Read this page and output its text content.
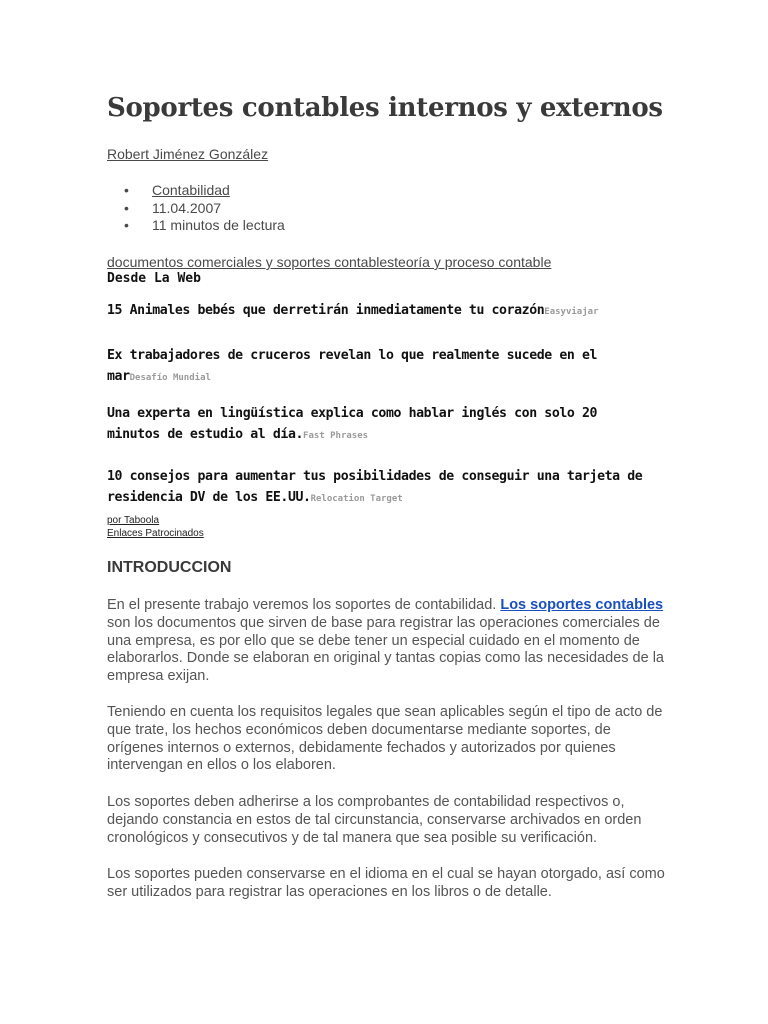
Soportes contables internos y externos
Robert Jiménez González
• Contabilidad
• 11.04.2007
• 11 minutos de lectura
documentos comerciales y soportes contablesteoría y proceso contable
Desde La Web
15 Animales bebés que derretirán inmediatamente tu corazónEasyviajar
Ex trabajadores de cruceros revelan lo que realmente sucede en el marDesafío Mundial
Una experta en lingüística explica como hablar inglés con solo 20 minutos de estudio al día.Fast Phrases
10 consejos para aumentar tus posibilidades de conseguir una tarjeta de residencia DV de los EE.UU.Relocation Target
por Taboola
Enlaces Patrocinados
INTRODUCCION

En el presente trabajo veremos los soportes de contabilidad. Los soportes contables son los documentos que sirven de base para registrar las operaciones comerciales de una empresa, es por ello que se debe tener un especial cuidado en el momento de elaborarlos. Donde se elaboran en original y tantas copias como las necesidades de la empresa exijan.

Teniendo en cuenta los requisitos legales que sean aplicables según el tipo de acto de que trate, los hechos económicos deben documentarse mediante soportes, de orígenes internos o externos, debidamente fechados y autorizados por quienes intervengan en ellos o los elaboren.

Los soportes deben adherirse a los comprobantes de contabilidad respectivos o, dejando constancia en estos de tal circunstancia, conservarse archivados en orden cronológicos y consecutivos y de tal manera que sea posible su verificación.

Los soportes pueden conservarse en el idioma en el cual se hayan otorgado, así como ser utilizados para registrar las operaciones en los libros o de detalle.
